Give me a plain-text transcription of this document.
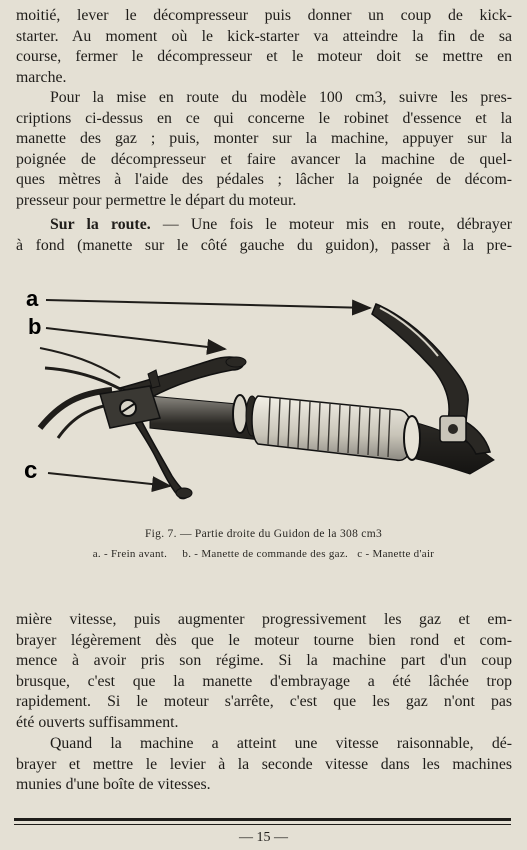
moitié, lever le décompresseur puis donner un coup de kick-
starter. Au moment où le kick-starter va atteindre la fin de sa
course, fermer le décompresseur et le moteur doit se mettre en
marche.
Pour la mise en route du modèle 100 cm3, suivre les pres-
criptions ci-dessus en ce qui concerne le robinet d'essence et la
manette des gaz ; puis, monter sur la machine, appuyer sur la
poignée de décompresseur et faire avancer la machine de quel-
ques mètres à l'aide des pédales ; lâcher la poignée de décom-
presseur pour permettre le départ du moteur.
Sur la route. — Une fois le moteur mis en route, débrayer
à fond (manette sur le côté gauche du guidon), passer à la pre-
a
b
c
Fig. 7. — Partie droite du Guidon de la 308 cm3
a. - Frein avant. b. - Manette de commande des gaz. c - Manette d'air
mière vitesse, puis augmenter progressivement les gaz et em-
brayer légèrement dès que le moteur tourne bien rond et com-
mence à avoir pris son régime. Si la machine part d'un coup
brusque, c'est que la manette d'embrayage a été lâchée trop
rapidement. Si le moteur s'arrête, c'est que les gaz n'ont pas
été ouverts suffisamment.
Quand la machine a atteint une vitesse raisonnable, dé-
brayer et mettre le levier à la seconde vitesse dans les machines
munies d'une boîte de vitesses.
— 15 —
